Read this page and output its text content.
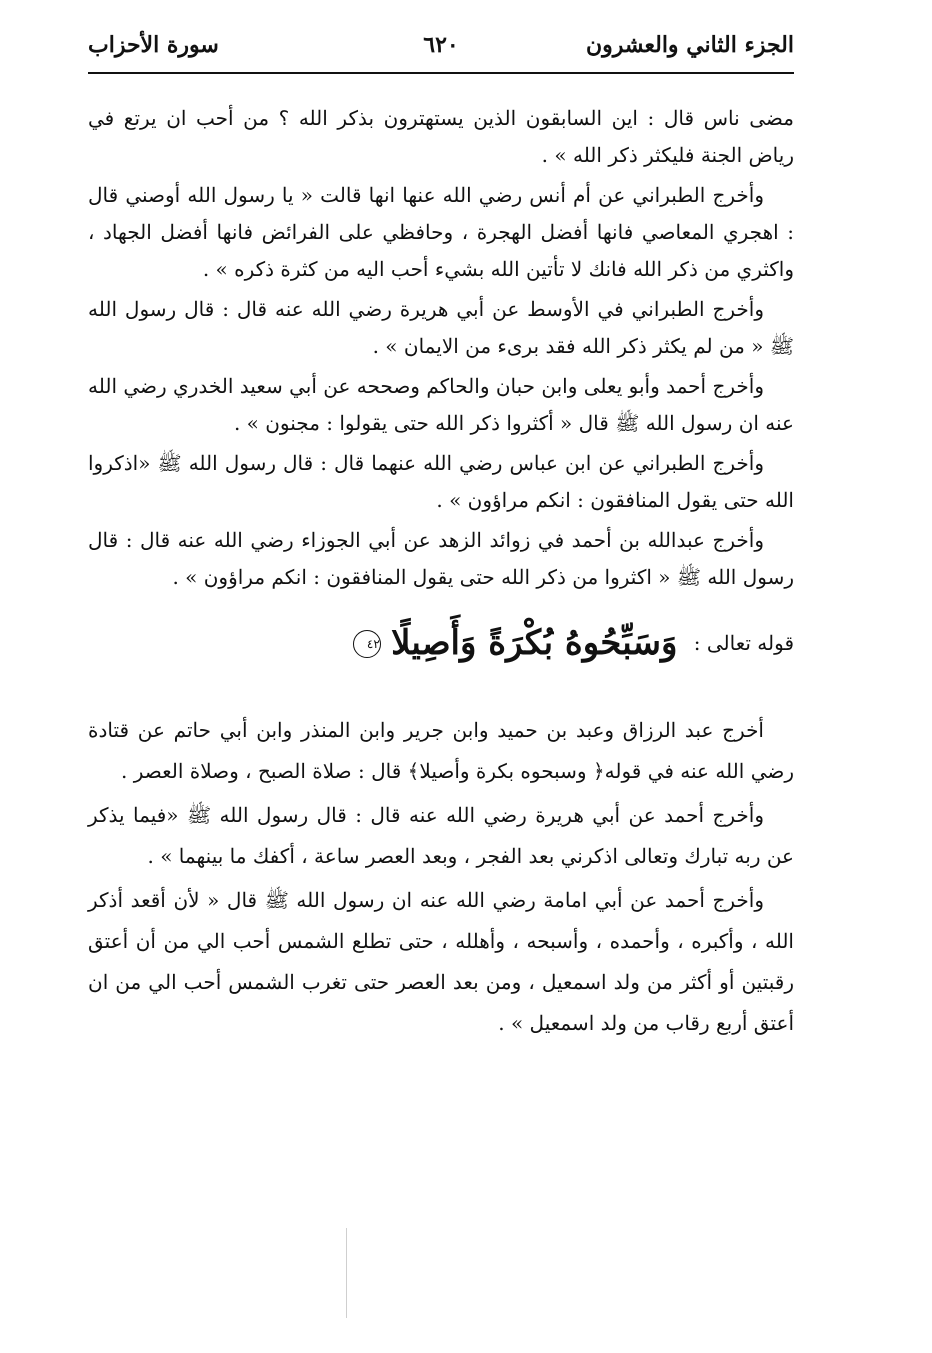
الجزء الثاني والعشرون
٦٢٠
سورة الأحزاب

مضى ناس قال : اين السابقون الذين يستهترون بذكر الله ؟ من أحب ان يرتع في رياض الجنة فليكثر ذكر الله » .

وأخرج الطبراني عن أم أنس رضي الله عنها انها قالت « يا رسول الله أوصني قال : اهجري المعاصي فانها أفضل الهجرة ، وحافظي على الفرائض فانها أفضل الجهاد ، واكثري من ذكر الله فانك لا تأتين الله بشيء أحب اليه من كثرة ذكره » .

وأخرج الطبراني في الأوسط عن أبي هريرة رضي الله عنه قال : قال رسول الله ﷺ « من لم يكثر ذكر الله فقد برىء من الايمان » .

وأخرج أحمد وأبو يعلى وابن حبان والحاكم وصححه عن أبي سعيد الخدري رضي الله عنه ان رسول الله ﷺ قال « أكثروا ذكر الله حتى يقولوا : مجنون » .

وأخرج الطبراني عن ابن عباس رضي الله عنهما قال : قال رسول الله ﷺ «اذكروا الله حتى يقول المنافقون : انكم مراؤون » .

وأخرج عبدالله بن أحمد في زوائد الزهد عن أبي الجوزاء رضي الله عنه قال : قال رسول الله ﷺ « اكثروا من ذكر الله حتى يقول المنافقون : انكم مراؤون » .

قوله تعالى : وَسَبِّحُوهُ بُكْرَةً وَأَصِيلًا ٤٢

أخرج عبد الرزاق وعبد بن حميد وابن جرير وابن المنذر وابن أبي حاتم عن قتادة رضي الله عنه في قوله﴿ وسبحوه بكرة وأصيلا﴾ قال : صلاة الصبح ، وصلاة العصر .

وأخرج أحمد عن أبي هريرة رضي الله عنه قال : قال رسول الله ﷺ «فيما يذكر عن ربه تبارك وتعالى اذكرني بعد الفجر ، وبعد العصر ساعة ، أكفك ما بينهما » .

وأخرج أحمد عن أبي امامة رضي الله عنه ان رسول الله ﷺ قال « لأن أقعد أذكر الله ، وأكبره ، وأحمده ، وأسبحه ، وأهلله ، حتى تطلع الشمس أحب الي من أن أعتق رقبتين أو أكثر من ولد اسمعيل ، ومن بعد العصر حتى تغرب الشمس أحب الي من ان أعتق أربع رقاب من ولد اسمعيل » .
